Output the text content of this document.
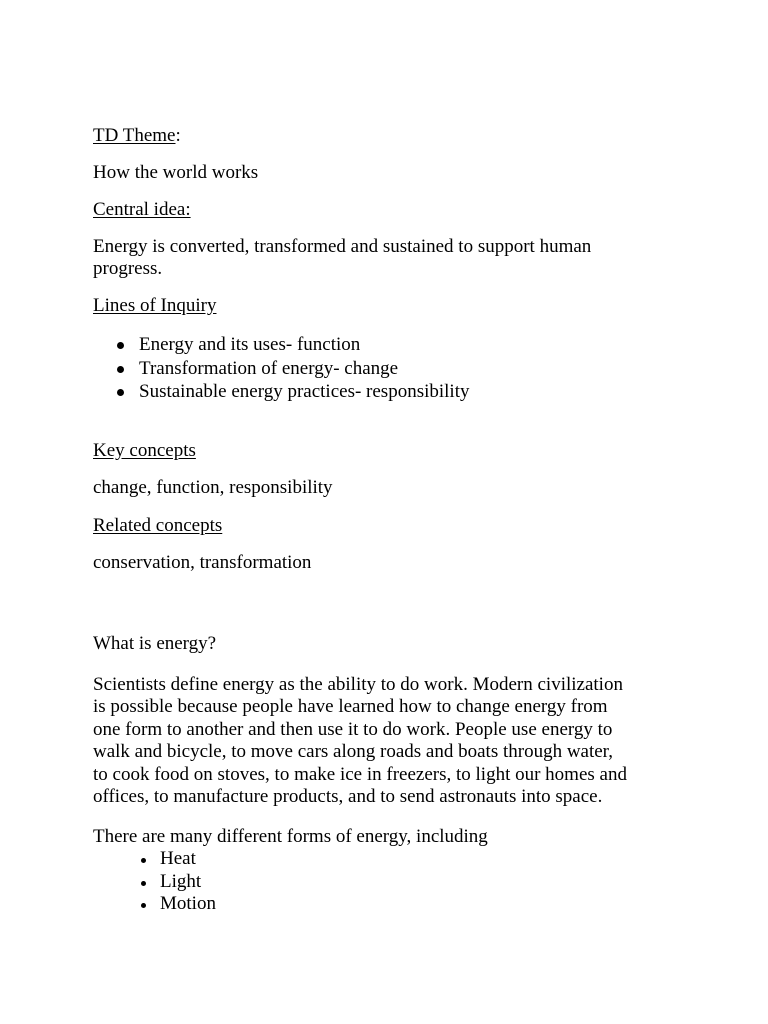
TD Theme:
How the world works
Central idea:
Energy is converted, transformed and sustained to support human
progress.
Lines of Inquiry
Energy and its uses- function
Transformation of energy- change
Sustainable energy practices- responsibility
Key concepts
change, function, responsibility
Related concepts
conservation, transformation
What is energy?
Scientists define energy as the ability to do work. Modern civilization
is possible because people have learned how to change energy from
one form to another and then use it to do work. People use energy to
walk and bicycle, to move cars along roads and boats through water,
to cook food on stoves, to make ice in freezers, to light our homes and
offices, to manufacture products, and to send astronauts into space.
There are many different forms of energy, including
Heat
Light
Motion
